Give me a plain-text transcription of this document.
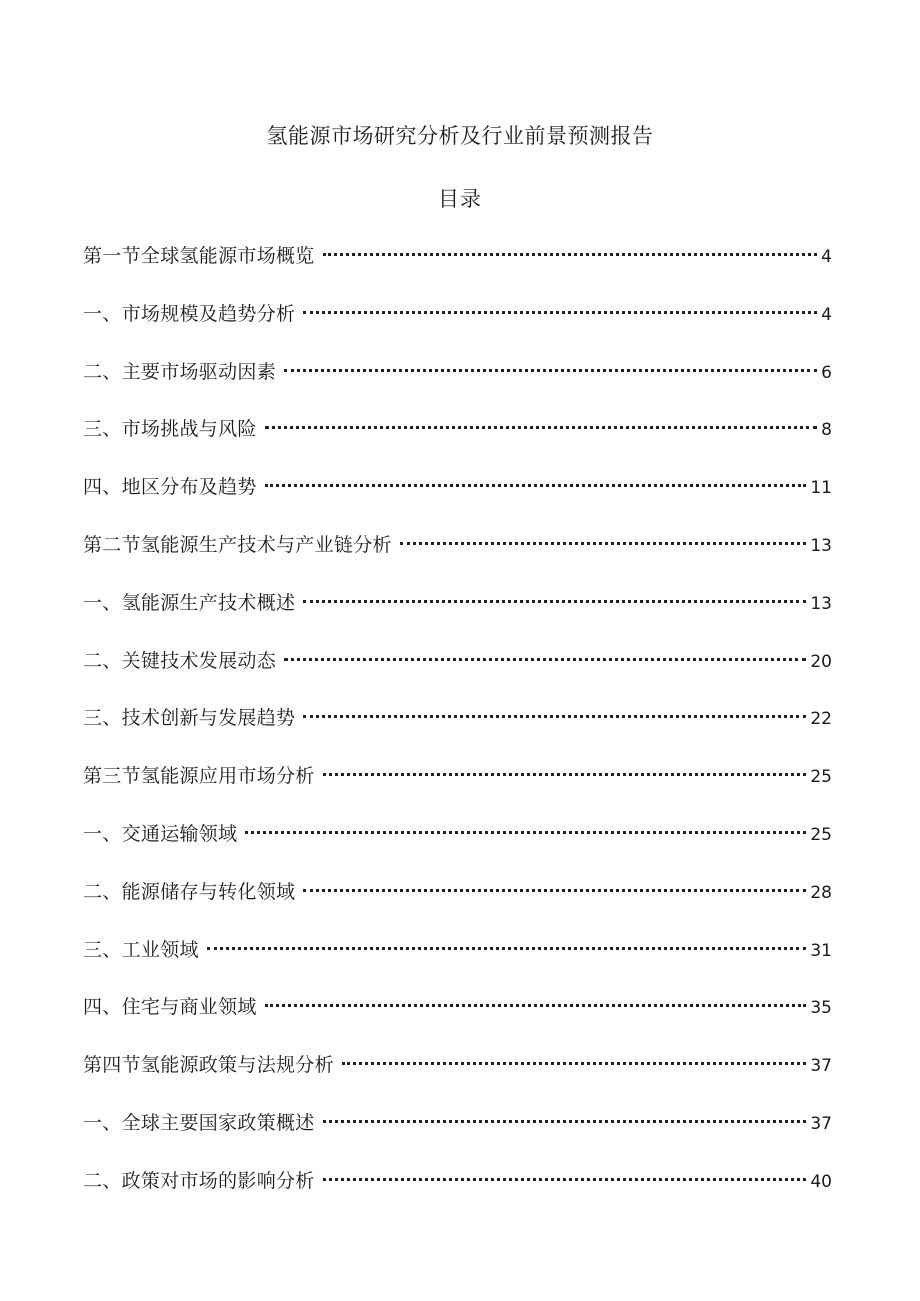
氢能源市场研究分析及行业前景预测报告
目录
第一节全球氢能源市场概览	4
一、市场规模及趋势分析	4
二、主要市场驱动因素	6
三、市场挑战与风险	8
四、地区分布及趋势	11
第二节氢能源生产技术与产业链分析	13
一、氢能源生产技术概述	13
二、关键技术发展动态	20
三、技术创新与发展趋势	22
第三节氢能源应用市场分析	25
一、交通运输领域	25
二、能源储存与转化领域	28
三、工业领域	31
四、住宅与商业领域	35
第四节氢能源政策与法规分析	37
一、全球主要国家政策概述	37
二、政策对市场的影响分析	40
